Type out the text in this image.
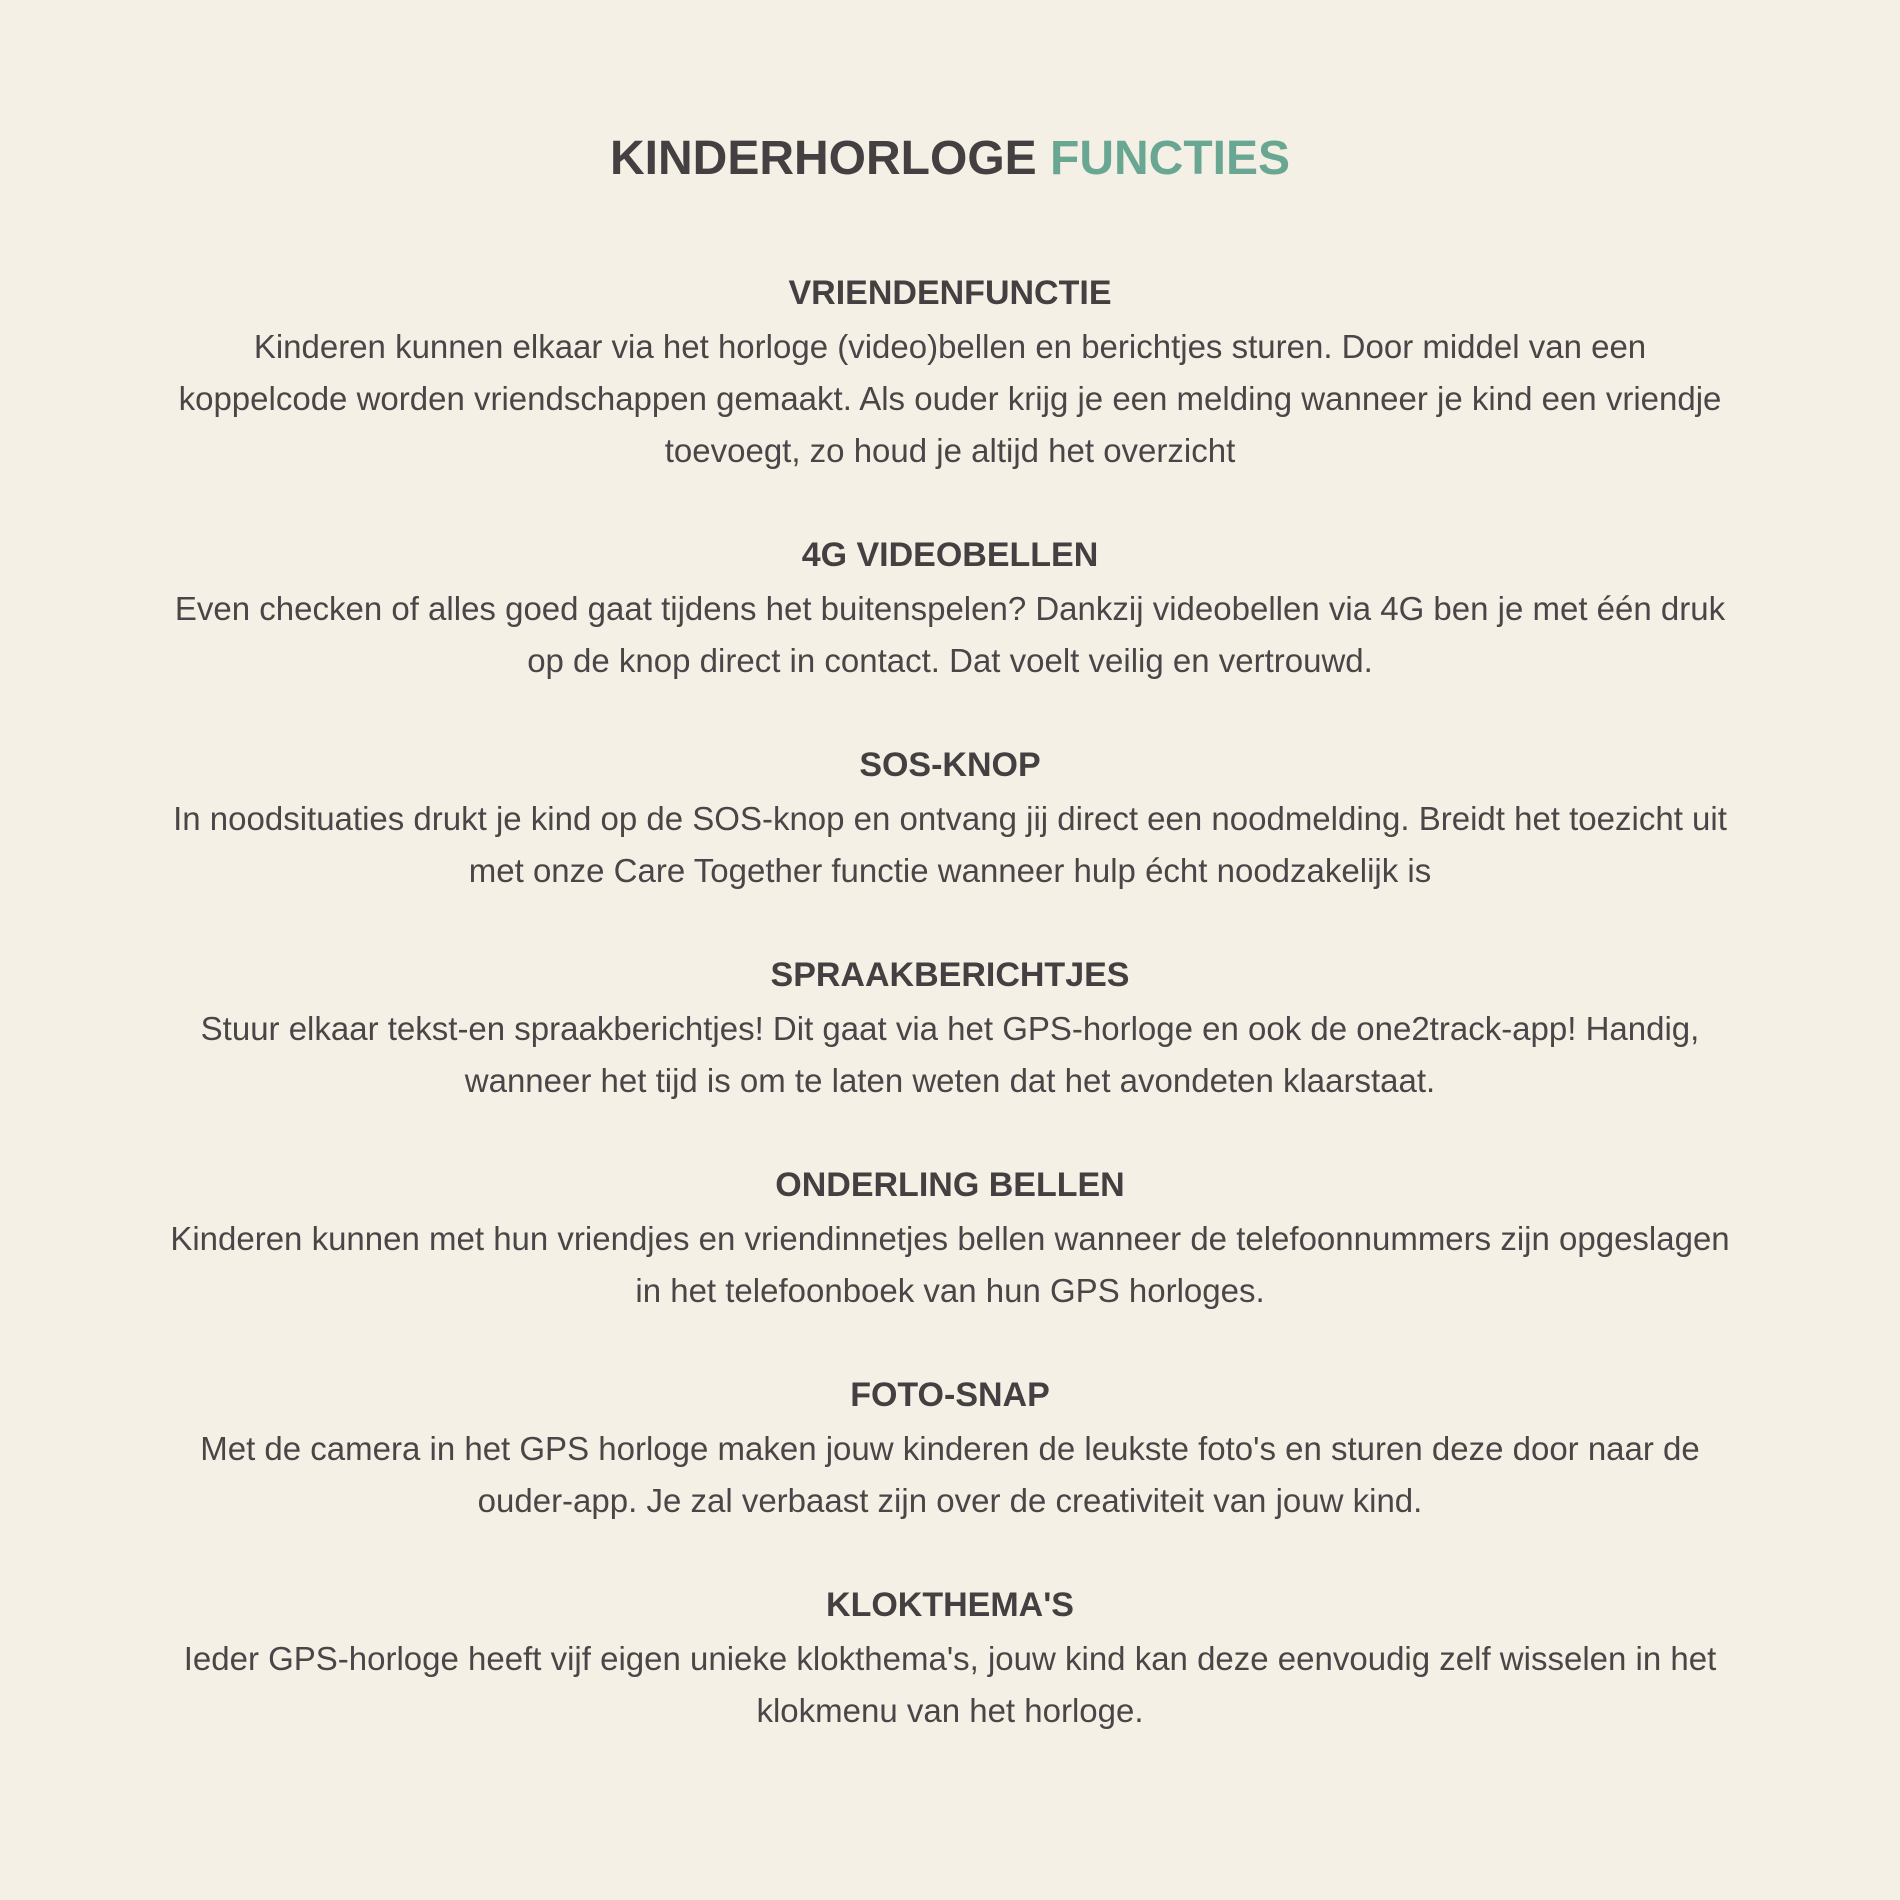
KINDERHORLOGE FUNCTIES
VRIENDENFUNCTIE

Kinderen kunnen elkaar via het horloge (video)bellen en berichtjes sturen. Door middel van een koppelcode worden vriendschappen gemaakt. Als ouder krijg je een melding wanneer je kind een vriendje toevoegt, zo houd je altijd het overzicht

4G VIDEOBELLEN

Even checken of alles goed gaat tijdens het buitenspelen? Dankzij videobellen via 4G ben je met één druk op de knop direct in contact. Dat voelt veilig en vertrouwd.

SOS-KNOP

In noodsituaties drukt je kind op de SOS-knop en ontvang jij direct een noodmelding. Breidt het toezicht uit met onze Care Together functie wanneer hulp écht noodzakelijk is

SPRAAKBERICHTJES

Stuur elkaar tekst-en spraakberichtjes! Dit gaat via het GPS-horloge en ook de one2track-app! Handig, wanneer het tijd is om te laten weten dat het avondeten klaarstaat.

ONDERLING BELLEN

Kinderen kunnen met hun vriendjes en vriendinnetjes bellen wanneer de telefoonnummers zijn opgeslagen in het telefoonboek van hun GPS horloges.

FOTO-SNAP

Met de camera in het GPS horloge maken jouw kinderen de leukste foto's en sturen deze door naar de ouder-app. Je zal verbaast zijn over de creativiteit van jouw kind.

KLOKTHEMA'S

Ieder GPS-horloge heeft vijf eigen unieke klokthema's, jouw kind kan deze eenvoudig zelf wisselen in het klokmenu van het horloge.
